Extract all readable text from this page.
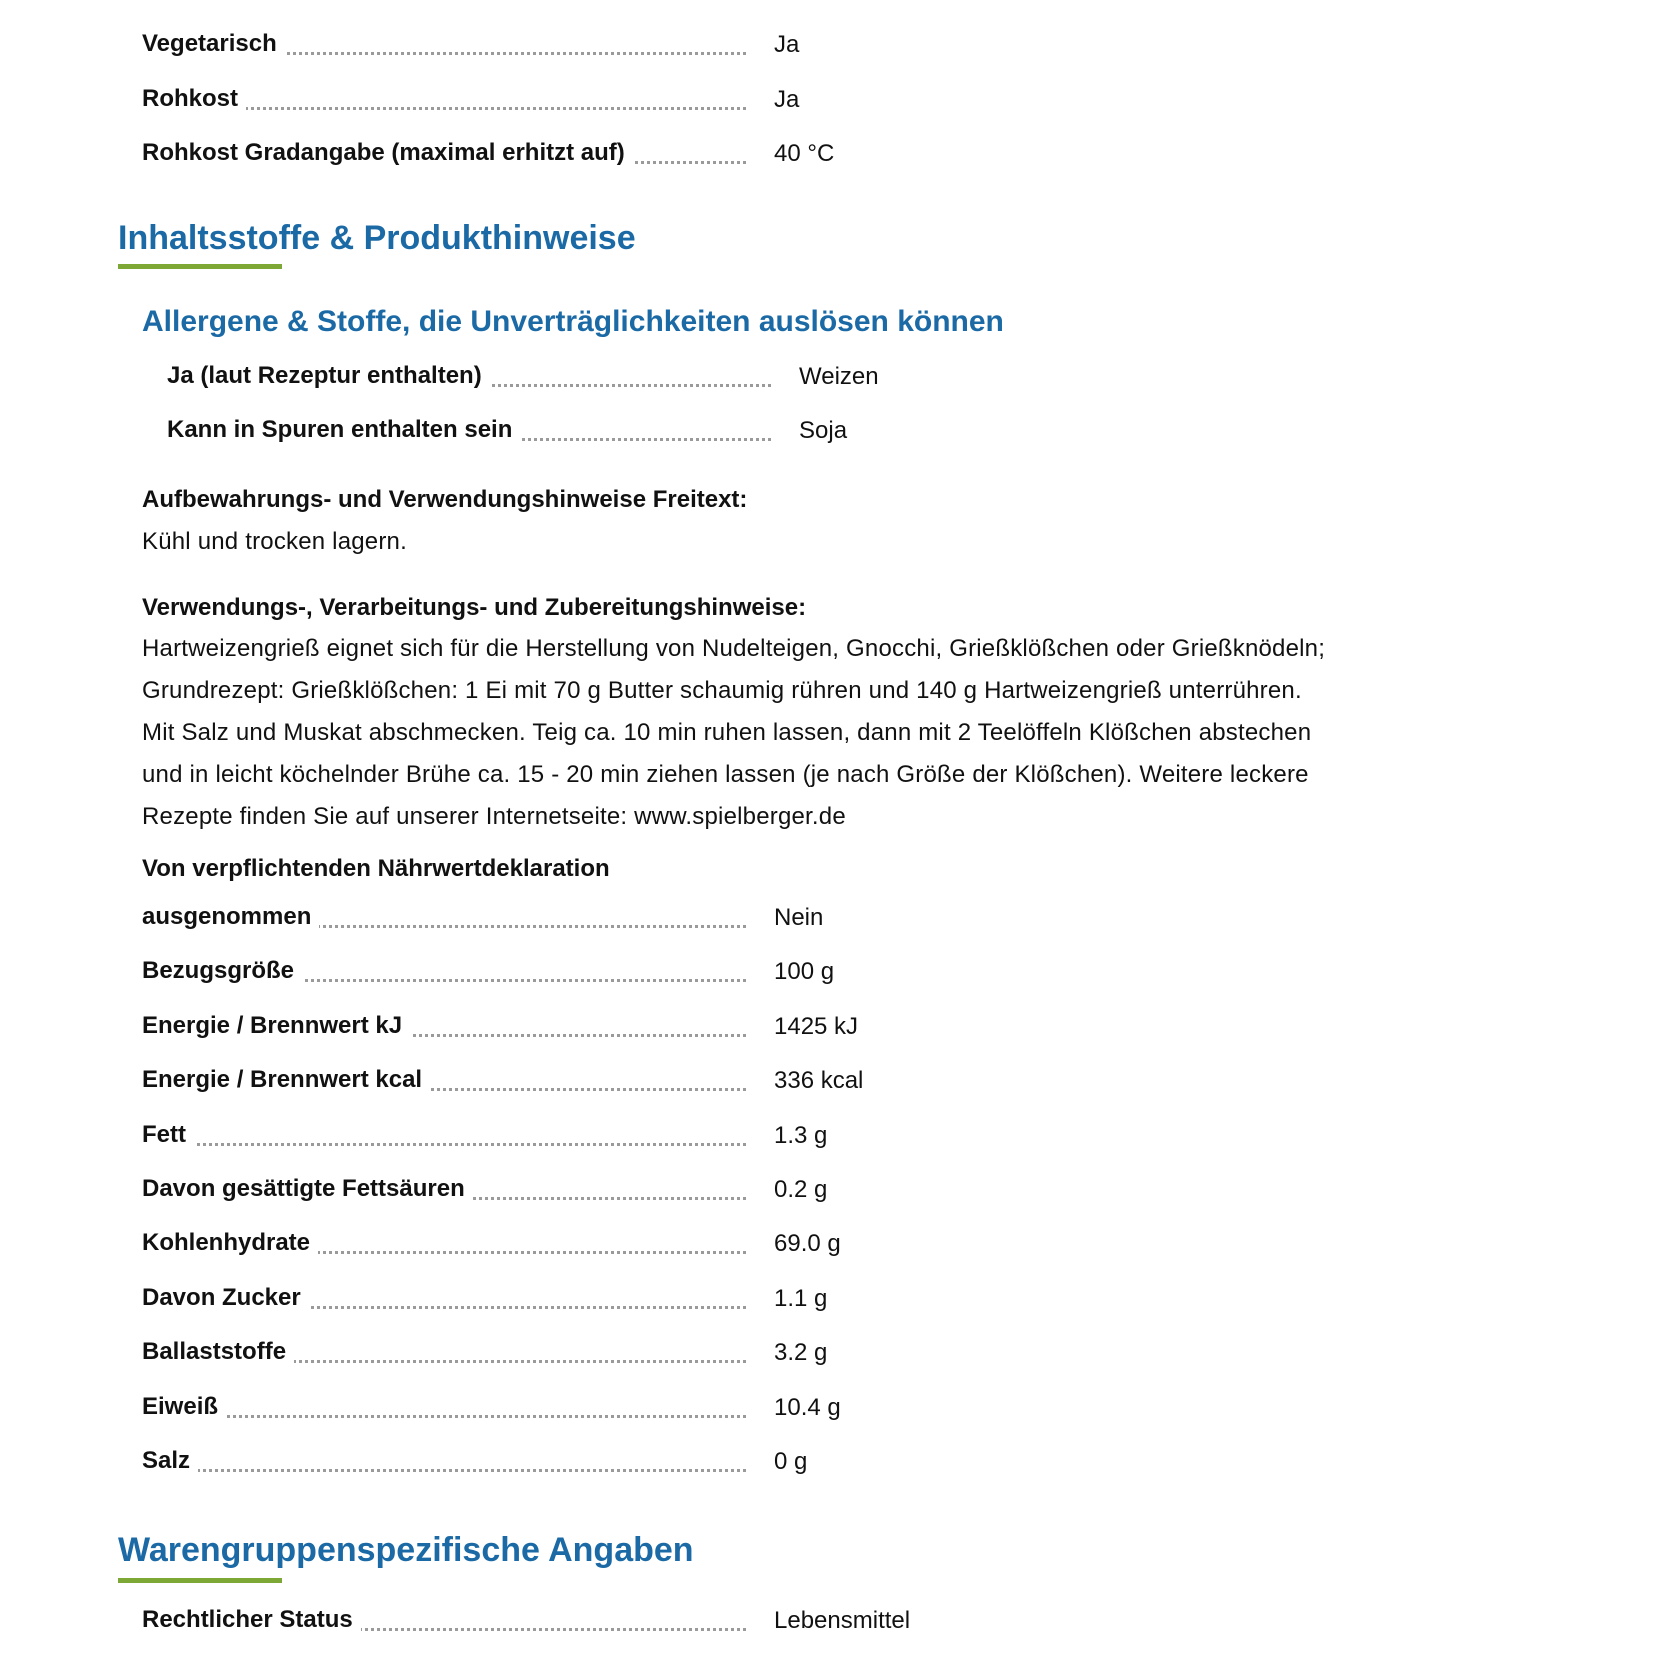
Vegetarisch	Ja
Rohkost	Ja
Rohkost Gradangabe (maximal erhitzt auf)	40 °C
Inhaltsstoffe & Produkthinweise
Allergene & Stoffe, die Unverträglichkeiten auslösen können
Ja (laut Rezeptur enthalten)	Weizen
Kann in Spuren enthalten sein	Soja
Aufbewahrungs- und Verwendungshinweise Freitext:
Kühl und trocken lagern.
Verwendungs-, Verarbeitungs- und Zubereitungshinweise:
Hartweizengrieß eignet sich für die Herstellung von Nudelteigen, Gnocchi, Grießklößchen oder Grießknödeln;
Grundrezept: Grießklößchen: 1 Ei mit 70 g Butter schaumig rühren und 140 g Hartweizengrieß unterrühren.
Mit Salz und Muskat abschmecken. Teig ca. 10 min ruhen lassen, dann mit 2 Teelöffeln Klößchen abstechen
und in leicht köchelnder Brühe ca. 15 - 20 min ziehen lassen (je nach Größe der Klößchen). Weitere leckere
Rezepte finden Sie auf unserer Internetseite: www.spielberger.de
Von verpflichtenden Nährwertdeklaration
ausgenommen	Nein
Bezugsgröße	100 g
Energie / Brennwert kJ	1425 kJ
Energie / Brennwert kcal	336 kcal
Fett	1.3 g
Davon gesättigte Fettsäuren	0.2 g
Kohlenhydrate	69.0 g
Davon Zucker	1.1 g
Ballaststoffe	3.2 g
Eiweiß	10.4 g
Salz	0 g
Warengruppenspezifische Angaben
Rechtlicher Status	Lebensmittel
